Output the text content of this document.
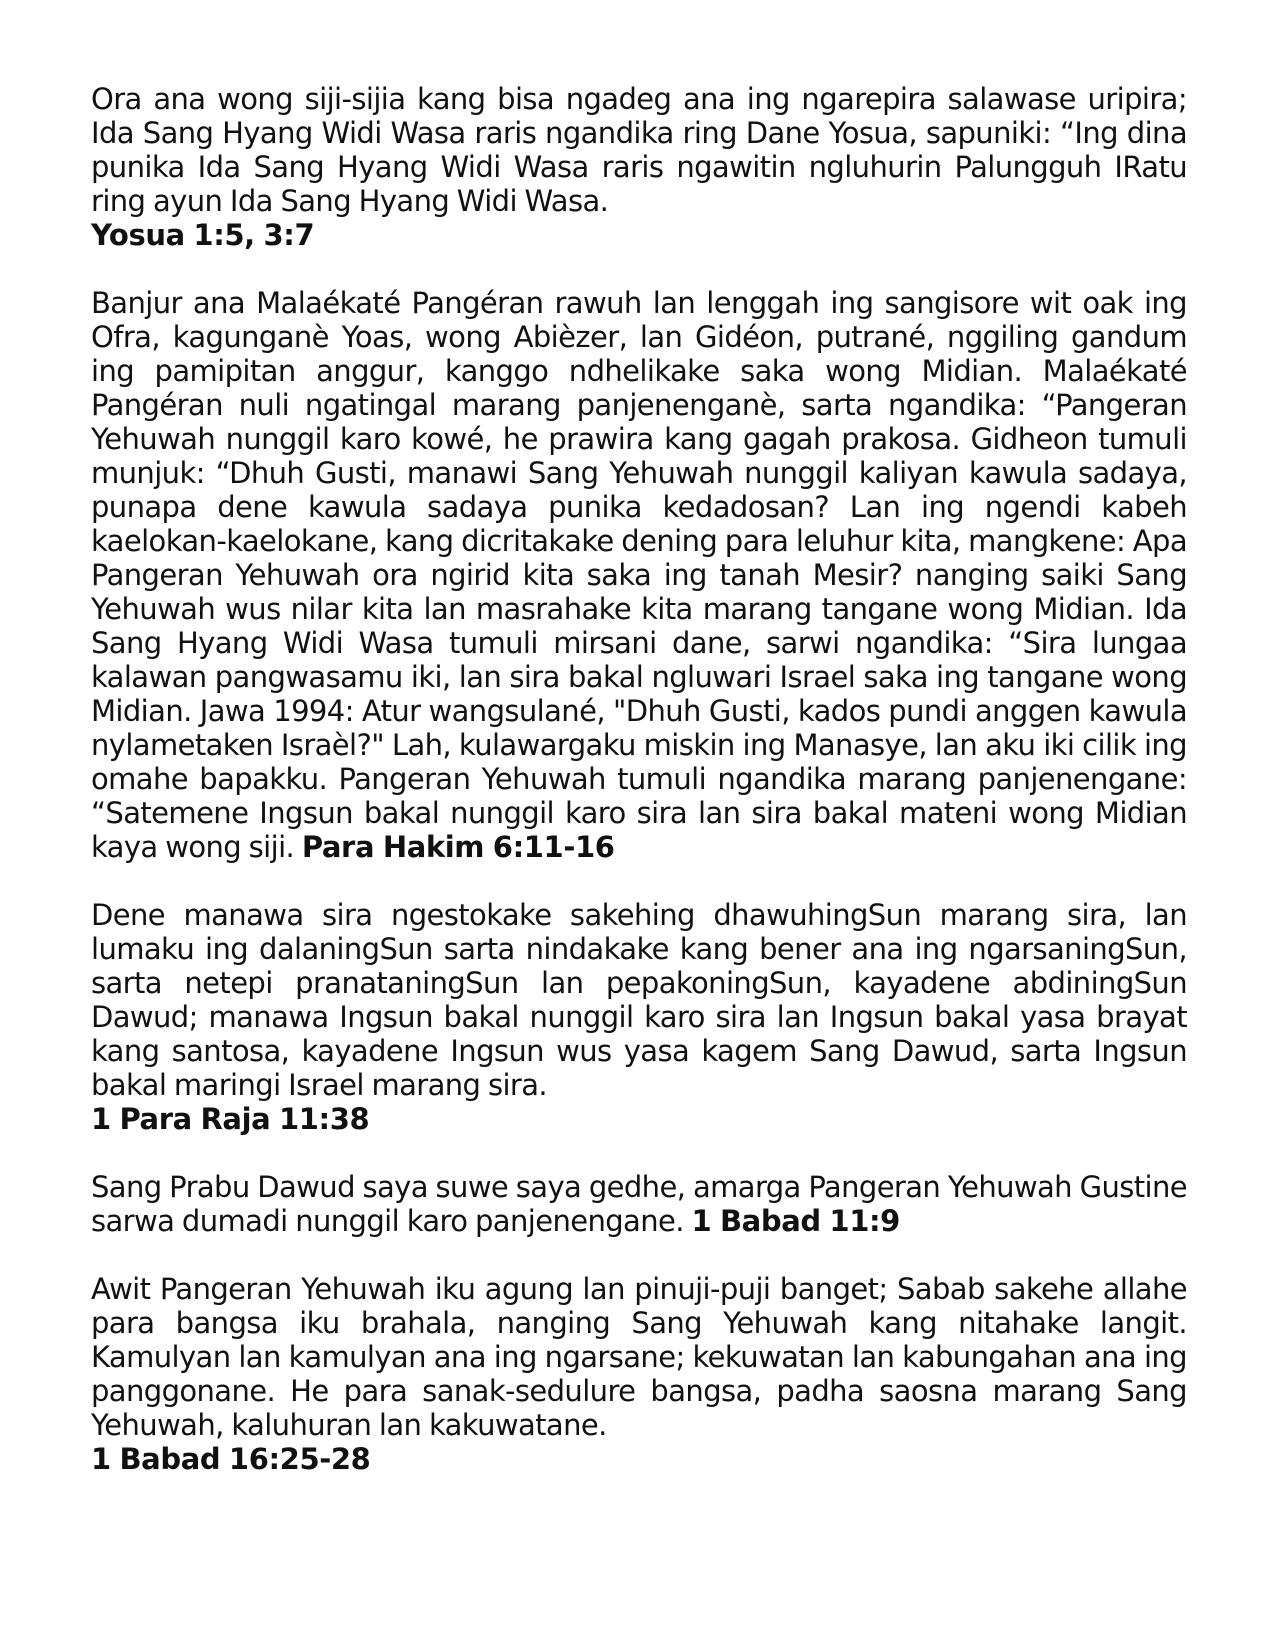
Ora ana wong siji-sijia kang bisa ngadeg ana ing ngarepira salawase uripira; Ida Sang Hyang Widi Wasa raris ngandika ring Dane Yosua, sapuniki: “Ing dina punika Ida Sang Hyang Widi Wasa raris ngawitin ngluhurin Palungguh IRatu ring ayun Ida Sang Hyang Widi Wasa.
Yosua 1:5, 3:7

Banjur ana Malaékaté Pangéran rawuh lan lenggah ing sangisore wit oak ing Ofra, kagunganѐ Yoas, wong Abièzer, lan Gidéon, putrané, nggiling gandum ing pamipitan anggur, kanggo ndhelikake saka wong Midian. Malaékaté Pangéran nuli ngatingal marang panjenenganѐ, sarta ngandika: “Pangeran Yehuwah nunggil karo kowé, he prawira kang gagah prakosa. Gidheon tumuli munjuk: “Dhuh Gusti, manawi Sang Yehuwah nunggil kaliyan kawula sadaya, punapa dene kawula sadaya punika kedadosan? Lan ing ngendi kabeh kaelokan-kaelokane, kang dicritakake dening para leluhur kita, mangkene: Apa Pangeran Yehuwah ora ngirid kita saka ing tanah Mesir? nanging saiki Sang Yehuwah wus nilar kita lan masrahake kita marang tangane wong Midian. Ida Sang Hyang Widi Wasa tumuli mirsani dane, sarwi ngandika: “Sira lungaa kalawan pangwasamu iki, lan sira bakal ngluwari Israel saka ing tangane wong Midian. Jawa 1994: Atur wangsulané, "Dhuh Gusti, kados pundi anggen kawula nylametaken Israѐl?" Lah, kulawargaku miskin ing Manasye, lan aku iki cilik ing omahe bapakku. Pangeran Yehuwah tumuli ngandika marang panjenengane: “Satemene Ingsun bakal nunggil karo sira lan sira bakal mateni wong Midian kaya wong siji. Para Hakim 6:11-16

Dene manawa sira ngestokake sakehing dhawuhingSun marang sira, lan lumaku ing dalaningSun sarta nindakake kang bener ana ing ngarsaningSun, sarta netepi pranataningSun lan pepakoningSun, kayadene abdiningSun Dawud; manawa Ingsun bakal nunggil karo sira lan Ingsun bakal yasa brayat kang santosa, kayadene Ingsun wus yasa kagem Sang Dawud, sarta Ingsun bakal maringi Israel marang sira.
1 Para Raja 11:38

Sang Prabu Dawud saya suwe saya gedhe, amarga Pangeran Yehuwah Gustine sarwa dumadi nunggil karo panjenengane. 1 Babad 11:9

Awit Pangeran Yehuwah iku agung lan pinuji-puji banget; Sabab sakehe allahe para bangsa iku brahala, nanging Sang Yehuwah kang nitahake langit. Kamulyan lan kamulyan ana ing ngarsane; kekuwatan lan kabungahan ana ing panggonane. He para sanak-sedulure bangsa, padha saosna marang Sang Yehuwah, kaluhuran lan kakuwatane.
1 Babad 16:25-28
